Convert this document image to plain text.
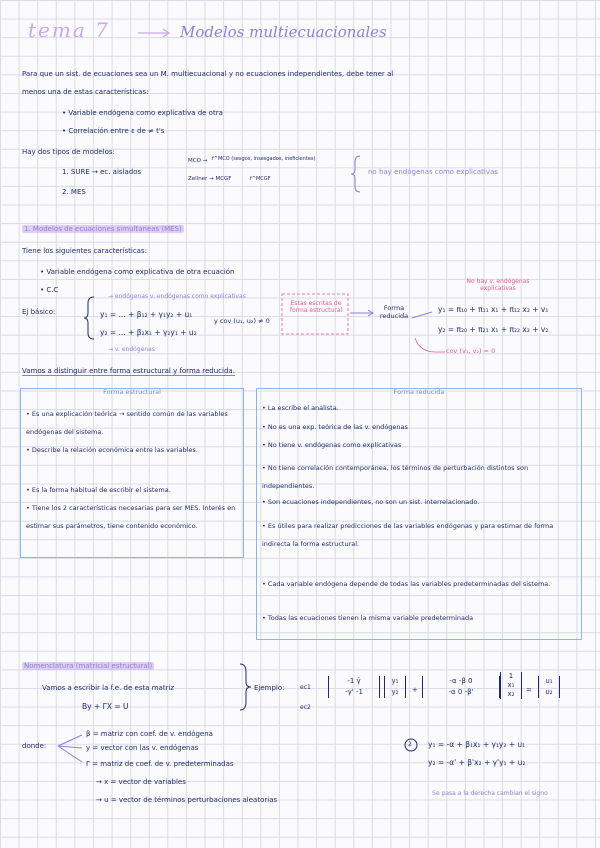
tema 7	Modelos multiecuacionales
Para que un sist. de ecuaciones sea un M. multiecuacional y no ecuaciones independientes, debe tener al
menos una de estas características:
• Variable endógena como explicativa de otra
• Correlación entre ε de ≠ t's
Hay dos tipos de modelos:
1. SURE → ec. aislados
MCO → f^MCO (sesgos, insesgados, ineficientes)
Zellner → MCGF	f^MCGF
2. MES
no hay endógenas como explicativas
1. Modelos de ecuaciones simultaneas (MES)
Tiene los siguientes características:
• Variable endógena como explicativa de otra ecuación
• C.C
Ej básico:
→ endógenas v. endógenas como explicativas
y₁ = ... + β₁₂ + γ₁y₂ + u₁
y₂ = ... + β₂x₁ + γ₂y₁ + u₂
→ v. endógenas
y cov (u₁, u₂) ≠ 0
Estas escritas de forma estructural	Forma reducida
No hay v. endógenas explicativas
y₁ = π₁₀ + π₁₁ x₁ + π₁₂ x₂ + v₁
y₂ = π₂₀ + π₂₁ x₁ + π₂₂ x₂ + v₂
cov (v₁, v₂) = 0
Vamos a distinguir entre forma estructural y forma reducida.
Forma estructural
• Es una explicación teórica → sentido común de las variables endógenas del sistema.
• Describe la relación económica entre las variables.
• Es la forma habitual de escribir el sistema.
• Tiene los 2 características necesarias para ser MES. Interés en estimar sus parámetros, tiene contenido económico.
Forma reducida
• La escribe el analista.
• No es una exp. teórica de las v. endógenas
• No tiene v. endógenas como explicativas
• No tiene correlación contemporánea, los términos de perturbación distintos son independientes.
• Son ecuaciones independientes, no son un sist. interrelacionado.
• Es útiles para realizar predicciones de las variables endógenas y para estimar de forma indirecta la forma estructural.
• Cada variable endógena depende de todas las variables predeterminadas del sistema.
• Todas las ecuaciones tienen la misma variable predeterminada
Nomenclatura (matricial estructural)
Vamos a escribir la f.e. de esta matriz
By + ΓX = U
Ejemplo:	ec1
ec2
-1 γ̄
-γ' -1
y₁
y₂	+
-α -β 0
-α 0 -β'
1
x₁
x₂
=
u₁
u₂
donde:
β = matriz con coef. de v. endógena
y = vector con las v. endógenas
Γ = matriz de coef. de v. predeterminadas
→ x = vector de variables
→ u = vector de términos perturbaciones aleatorias
2 y₁ = -α + β₁x₁ + γ₁y₂ + u₁
y₂ = -α' + β'x₂ + γ'y₁ + u₂
Se pasa a la derecha cambian el signo
